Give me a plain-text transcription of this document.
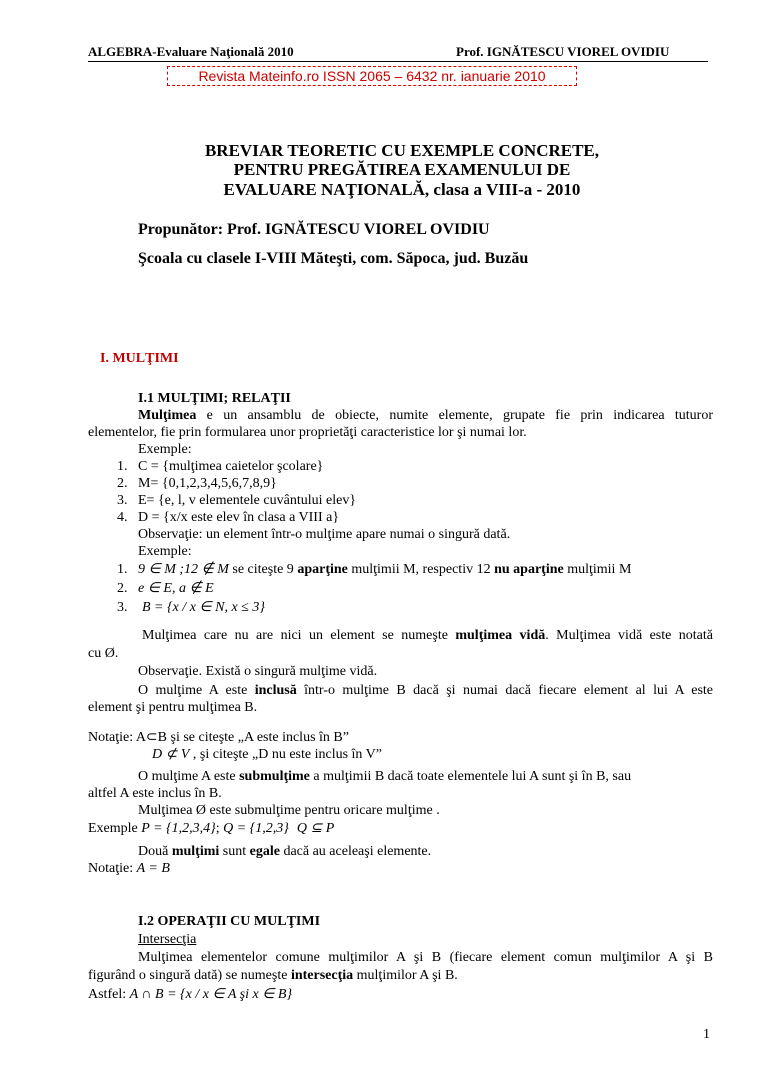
ALGEBRA-Evaluare Naţională 2010	Prof. IGNĂTESCU VIOREL OVIDIU
Revista Mateinfo.ro ISSN 2065 – 6432 nr. ianuarie 2010
BREVIAR TEORETIC CU EXEMPLE CONCRETE,
PENTRU PREGĂTIREA EXAMENULUI DE
EVALUARE NAŢIONALĂ, clasa a VIII-a - 2010
Propunător: Prof. IGNĂTESCU VIOREL OVIDIU
Şcoala cu clasele I-VIII Măteşti, com. Săpoca, jud. Buzău
I. MULŢIMI
I.1 MULŢIMI; RELAŢII
Mulţimea e un ansamblu de obiecte, numite elemente, grupate fie prin indicarea tuturor
elementelor, fie prin formularea unor proprietăţi caracteristice lor şi numai lor.
Exemple:
1. C = {mulţimea caietelor şcolare}
2. M= {0,1,2,3,4,5,6,7,8,9}
3. E= {e, l, v elementele cuvântului elev}
4. D = {x/x este elev în clasa a VIII a}
Observaţie: un element într-o mulţime apare numai o singură dată.
Exemple:
1. 9 ∈ M ;12 ∉ M se citeşte 9 aparţine mulţimii M, respectiv 12 nu aparţine mulţimii M
2. e ∈ E, a ∉ E
3. B = {x / x ∈ N, x ≤ 3}
Mulţimea care nu are nici un element se numeşte mulţimea vidă. Mulţimea vidă este notată
cu Ø.
Observaţie. Există o singură mulţime vidă.
O mulţime A este inclusă într-o mulţime B dacă şi numai dacă fiecare element al lui A este
element şi pentru mulţimea B.
Notaţie: A⊂B şi se citeşte „A este inclus în B”
D ⊄ V , şi citeşte „D nu este inclus în V”
O mulţime A este submulţime a mulţimii B dacă toate elementele lui A sunt şi în B, sau
altfel A este inclus în B.
Mulţimea Ø este submulţime pentru oricare mulţime .
Exemple P = {1,2,3,4}; Q = {1,2,3} Q ⊆ P
Două mulţimi sunt egale dacă au aceleaşi elemente.
Notaţie: A = B
I.2 OPERAŢII CU MULŢIMI
Intersecţia
Mulţimea elementelor comune mulţimilor A şi B (fiecare element comun mulţimilor A şi B
figurând o singură dată) se numeşte intersecţia mulţimilor A şi B.
Astfel: A ∩ B = {x / x ∈ A şi x ∈ B}
1
